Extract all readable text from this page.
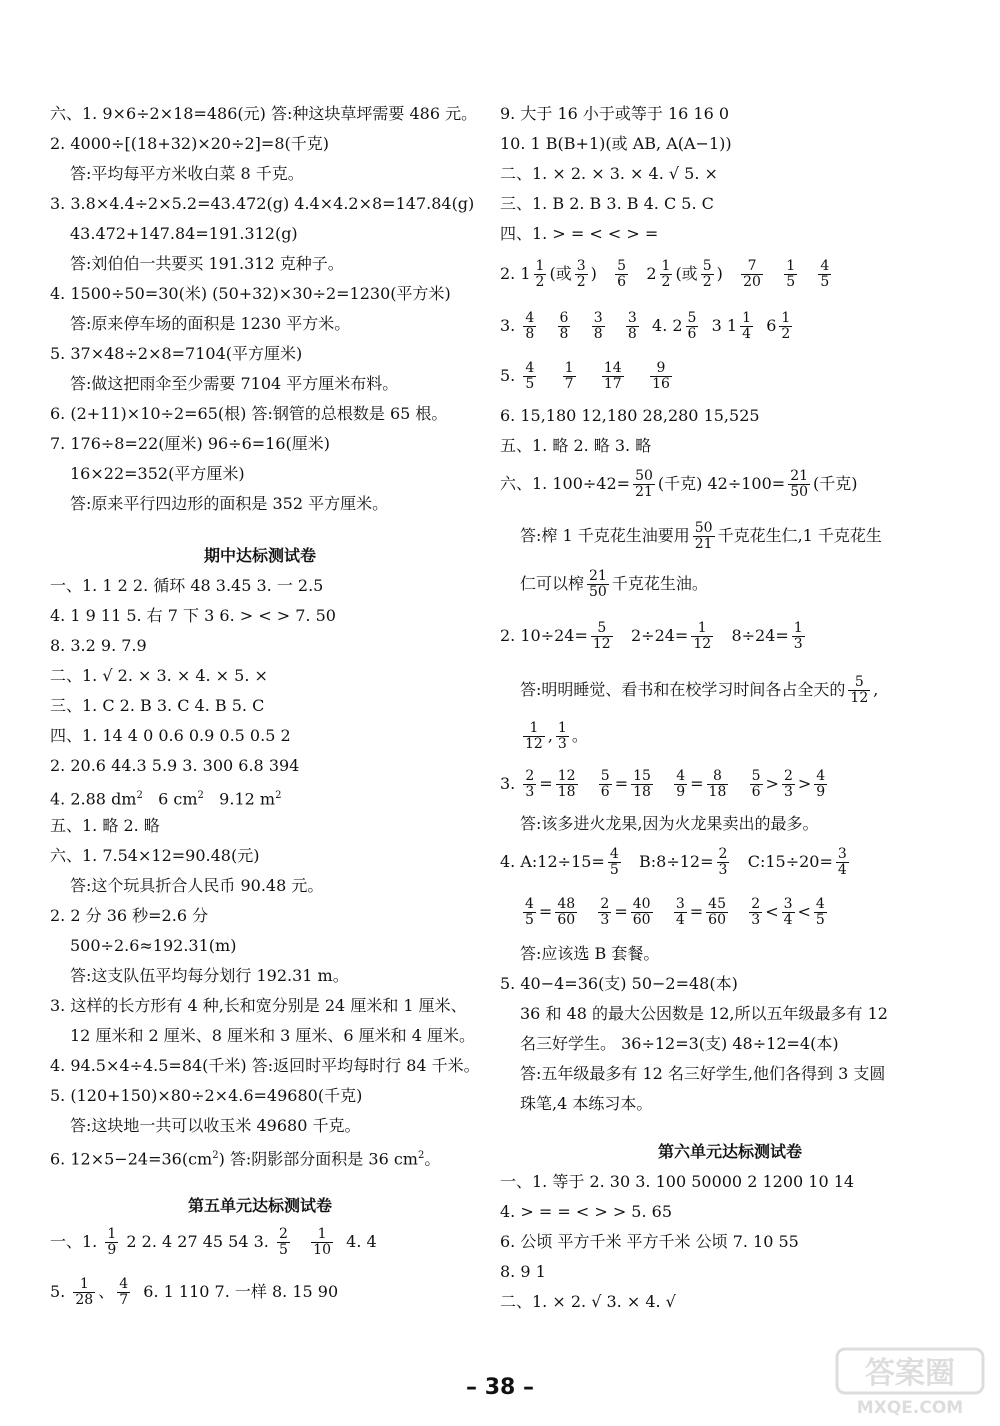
六、1. 9×6÷2×18=486(元) 答:种这块草坪需要 486 元。
2. 4000÷[(18+32)×20÷2]=8(千克)
答:平均每平方米收白菜 8 千克。
3. 3.8×4.4÷2×5.2=43.472(g) 4.4×4.2×8=147.84(g)
43.472+147.84=191.312(g)
答:刘伯伯一共要买 191.312 克种子。
4. 1500÷50=30(米) (50+32)×30÷2=1230(平方米)
答:原来停车场的面积是 1230 平方米。
5. 37×48÷2×8=7104(平方厘米)
答:做这把雨伞至少需要 7104 平方厘米布料。
6. (2+11)×10÷2=65(根) 答:钢管的总根数是 65 根。
7. 176÷8=22(厘米) 96÷6=16(厘米)
16×22=352(平方厘米)
答:原来平行四边形的面积是 352 平方厘米。
期中达标测试卷
一、1. 1 2 2. 循环 48 3.45 3. 一 2.5
4. 1 9 11 5. 右 7 下 3 6. > < > 7. 50
8. 3.2 9. 7.9
二、1. √ 2. × 3. × 4. × 5. ×
三、1. C 2. B 3. C 4. B 5. C
四、1. 14 4 0 0.6 0.9 0.5 0.5 2
2. 20.6 44.3 5.9 3. 300 6.8 394
4. 2.88 $dm^2$ 6 $cm^2$ 9.12 $m^2$
五、1. 略 2. 略
六、1. 7.54×12=90.48(元)
答:这个玩具折合人民币 90.48 元。
2. 2 分 36 秒=2.6 分
500÷2.6≈192.31(m)
答:这支队伍平均每分划行 192.31 m。
3. 这样的长方形有 4 种,长和宽分别是 24 厘米和 1 厘米、
12 厘米和 2 厘米、8 厘米和 3 厘米、6 厘米和 4 厘米。
4. 94.5×4÷4.5=84(千米) 答:返回时平均每时行 84 千米。
5. (120+150)×80÷2×4.6=49680(千克)
答:这块地一共可以收玉米 49680 千克。
6. $12\times 5-24=36(cm^2)$ 答:阴影部分面积是 36 $cm^2$。
第五单元达标测试卷
一、1. $\frac{1}{9} 2$ 2. 4 27 45 54 3. $\frac{2}{5}$
$\frac{1}{10} 4$. 4
5. $\frac{1}{28}$ 、 $\frac{4}{7} 6$. 1 110 7. 一样 8. 15 90
9. 大于 16 小于或等于 16 16 0
10. 1 B(B+1)(或 AB, A(A−1))
二、1. × 2. × 3. × 4. √ 5. ×
三、1. B 2. B 3. B 4. C 5. C
四、1. > = < < > =
2. $1 \frac{1}{2}$ (或 $\frac{3}{2}$ ) $\frac{5}{6} 2 \frac{1}{2}$ (或 $\frac{5}{2}$ ) $\frac{7}{20}$
$\frac{1}{5}$
$\frac{4}{5}$
3. $\frac{4}{8}$
$\frac{6}{8}$
$\frac{3}{8}$
$\frac{3}{8} 4$. $2 \frac{5}{6} 3$ $1 \frac{1}{4} 6 \frac{1}{2}$
5. $\frac{4}{5}$
$\frac{1}{7}$
$\frac{14}{17}$
$\frac{9}{16}$
6. 15,180 12,180 28,280 15,525
五、1. 略 2. 略 3. 略
六、1. $100\div 42= \frac{50}{21}$ (千克) $42\div 100= \frac{21}{50}$ (千克)
答:榨 1 千克花生油要用 $\frac{50}{21}$ 千克花生仁,1 千克花生
仁可以榨 $\frac{21}{50}$ 千克花生油。
2. $10\div 24= \frac{5}{12} 2\div 24= \frac{1}{12} 8\div 24= \frac{1}{3}$
答:明明睡觉、看书和在校学习时间各占全天的 $\frac{5}{12}$ ,
$\frac{1}{12}$ , $\frac{1}{3}$ 。
3. $\frac{2}{3} = \frac{12}{18}$
$\frac{5}{6} = \frac{15}{18}$
$\frac{4}{9} = \frac{8}{18}$
$\frac{5}{6} > \frac{2}{3} > \frac{4}{9}$
答:该多进火龙果,因为火龙果卖出的最多。
4. A:12÷15= $\frac{4}{5}$ B:8÷12= $\frac{2}{3}$ C:15÷20= $\frac{3}{4}$
$\frac{4}{5} = \frac{48}{60}$
$\frac{2}{3} = \frac{40}{60}$
$\frac{3}{4} = \frac{45}{60}$
$\frac{2}{3} < \frac{3}{4} < \frac{4}{5}$
答:应该选 B 套餐。
5. 40−4=36(支) 50−2=48(本)
36 和 48 的最大公因数是 12,所以五年级最多有 12
名三好学生。 36÷12=3(支) 48÷12=4(本)
答:五年级最多有 12 名三好学生,他们各得到 3 支圆
珠笔,4 本练习本。
第六单元达标测试卷
一、1. 等于 2. 30 3. 100 50000 2 1200 10 14
4. > = = < > > 5. 65
6. 公顷 平方千米 平方千米 公顷 7. 10 55
8. 9 1
二、1. × 2. √ 3. × 4. √
– 38 –	答案圈
MXQE.COM
